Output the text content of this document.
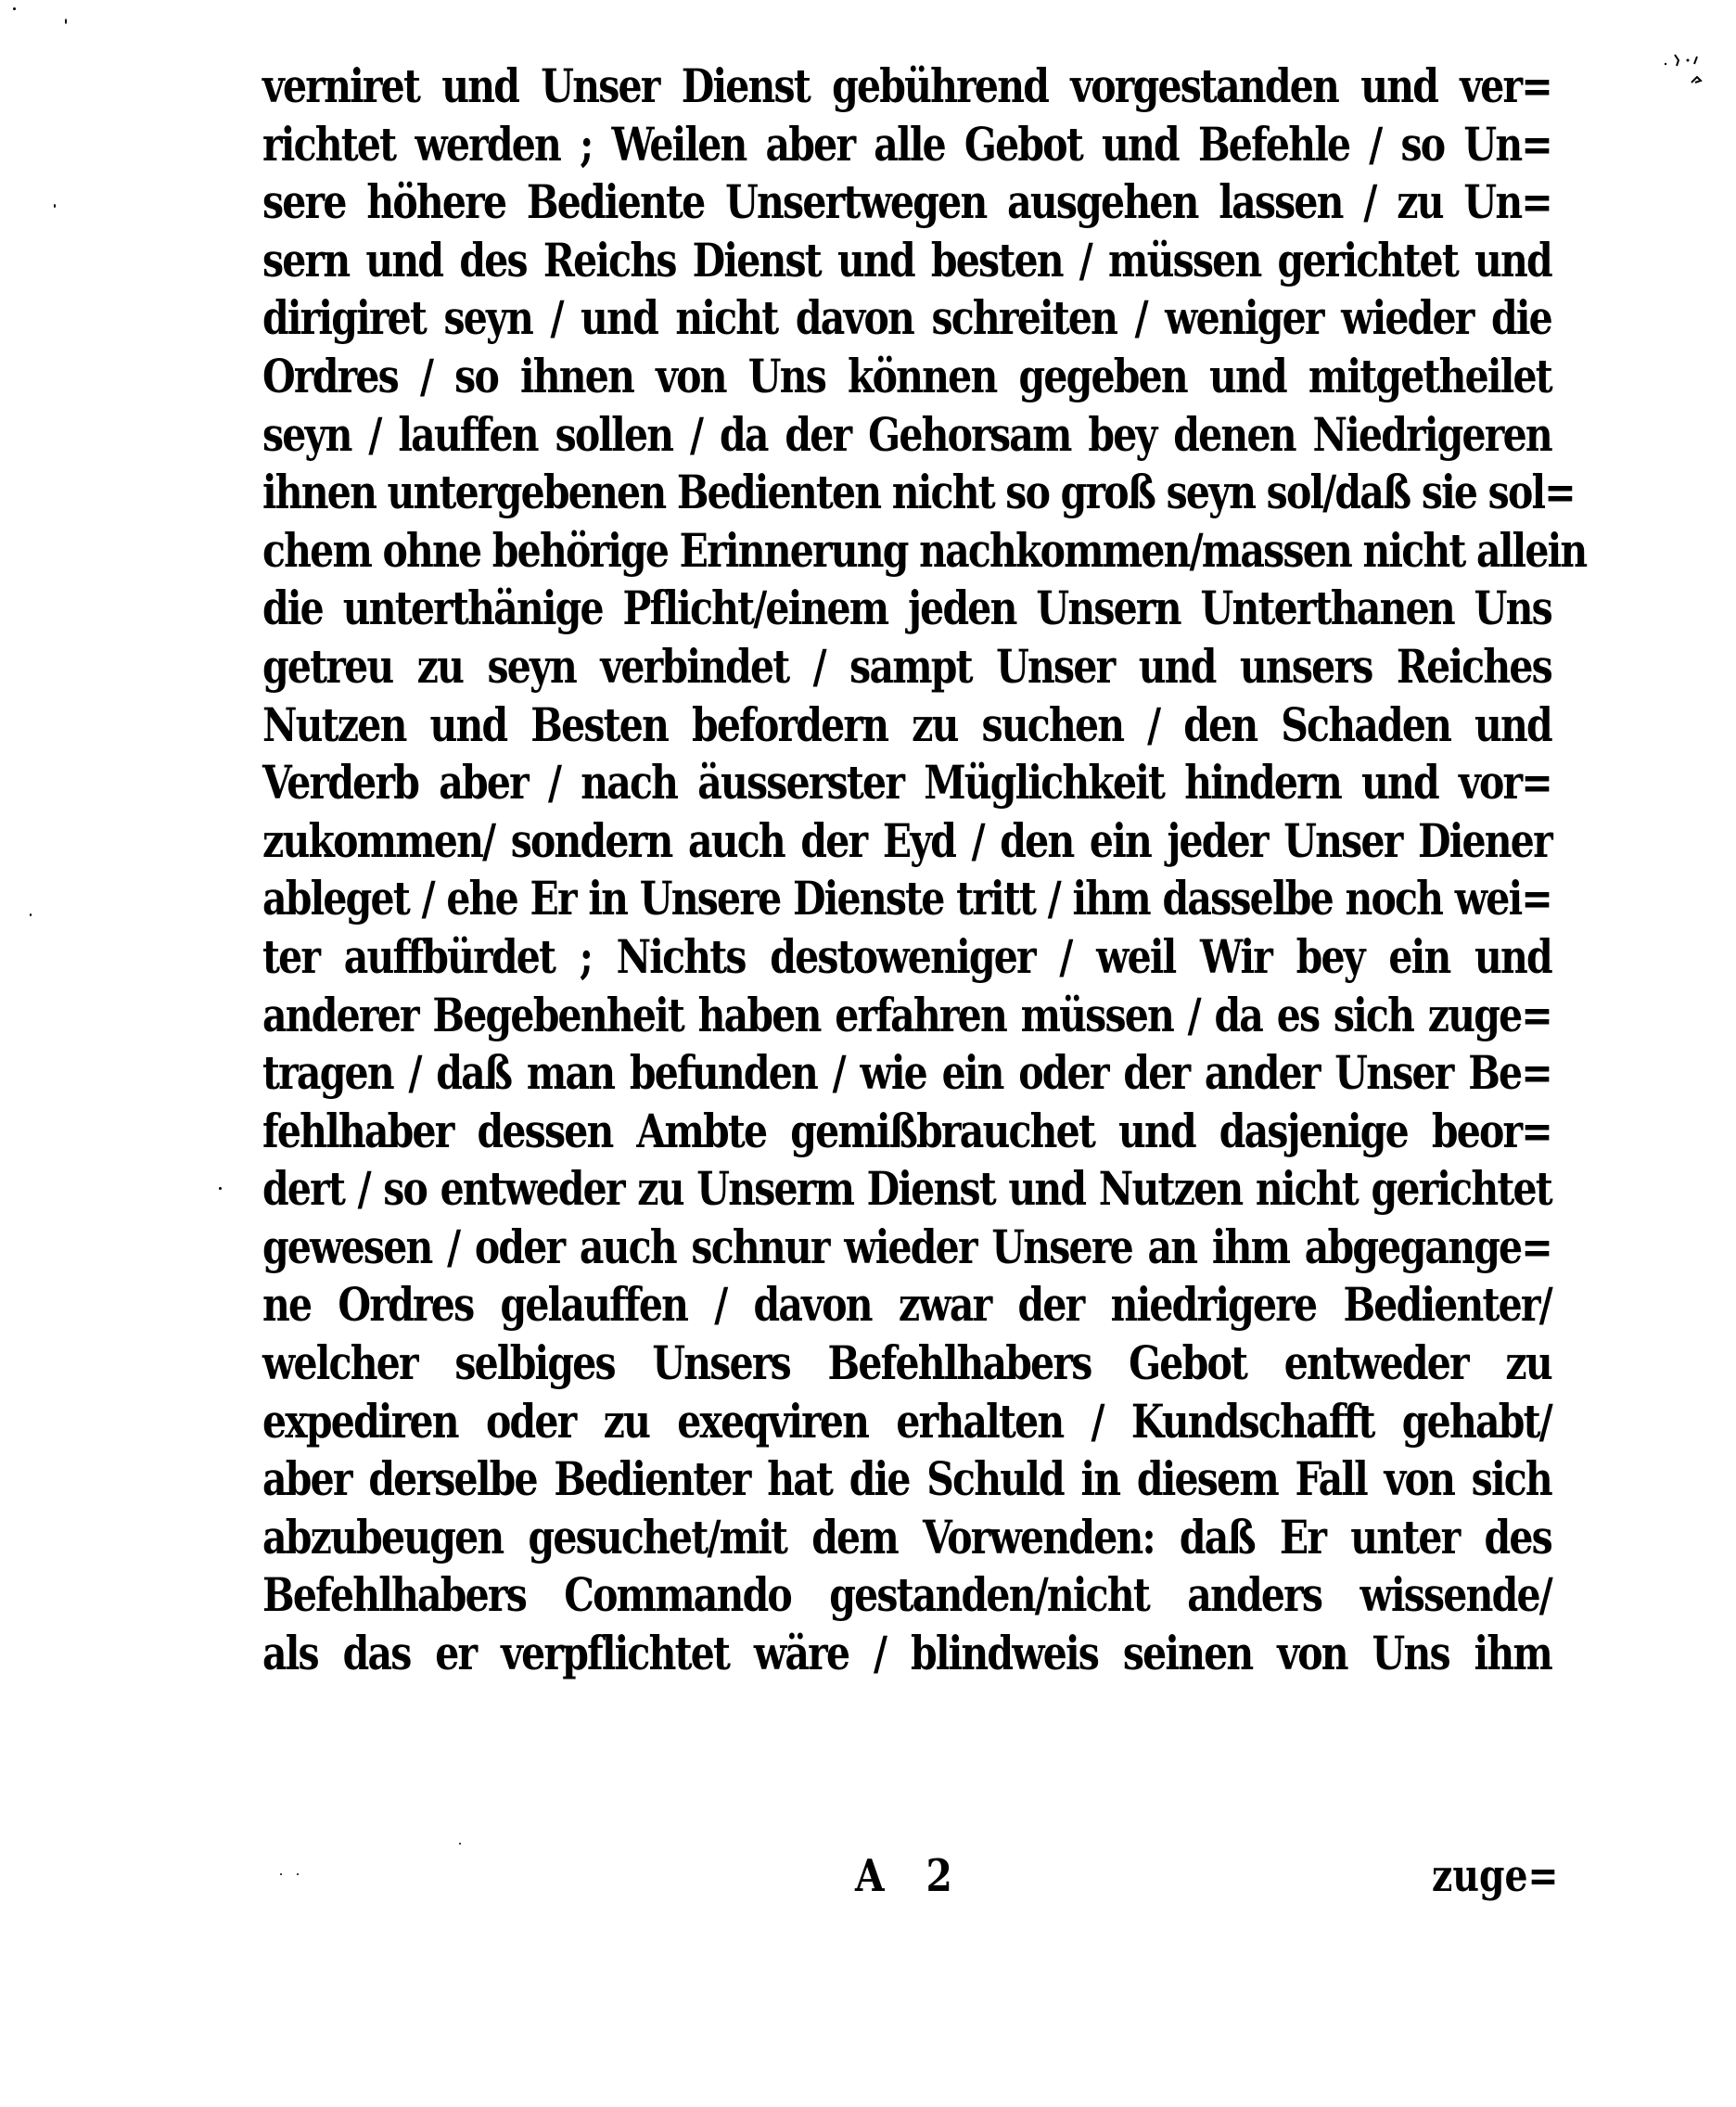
verniret und Unser Dienst gebührend vorgestanden und ver=
richtet werden ; Weilen aber alle Gebot und Befehle / so Un=
sere höhere Bediente Unsertwegen ausgehen lassen / zu Un=
sern und des Reichs Dienst und besten / müssen gerichtet und
dirigiret seyn / und nicht davon schreiten / weniger wieder die
Ordres / so ihnen von Uns können gegeben und mitgetheilet
seyn / lauffen sollen / da der Gehorsam bey denen Niedrigeren
ihnen untergebenen Bedienten nicht so groß seyn sol/daß sie sol=
chem ohne behörige Erinnerung nachkommen/massen nicht allein
die unterthänige Pflicht/einem jeden Unsern Unterthanen Uns
getreu zu seyn verbindet / sampt Unser und unsers Reiches
Nutzen und Besten befordern zu suchen / den Schaden und
Verderb aber / nach äusserster Müglichkeit hindern und vor=
zukommen/ sondern auch der Eyd / den ein jeder Unser Diener
ableget / ehe Er in Unsere Dienste tritt / ihm dasselbe noch wei=
ter auffbürdet ; Nichts destoweniger / weil Wir bey ein und
anderer Begebenheit haben erfahren müssen / da es sich zuge=
tragen / daß man befunden / wie ein oder der ander Unser Be=
fehlhaber dessen Ambte gemißbrauchet und dasjenige beor=
dert / so entweder zu Unserm Dienst und Nutzen nicht gerichtet
gewesen / oder auch schnur wieder Unsere an ihm abgegange=
ne Ordres gelauffen / davon zwar der niedrigere Bedienter/
welcher selbiges Unsers Befehlhabers Gebot entweder zu
expediren oder zu exeqviren erhalten / Kundschafft gehabt/
aber derselbe Bedienter hat die Schuld in diesem Fall von sich
abzubeugen gesuchet/mit dem Vorwenden: daß Er unter des
Befehlhabers Commando gestanden/nicht anders wissende/
als das er verpflichtet wäre / blindweis seinen von Uns ihm
A 2	zuge=
